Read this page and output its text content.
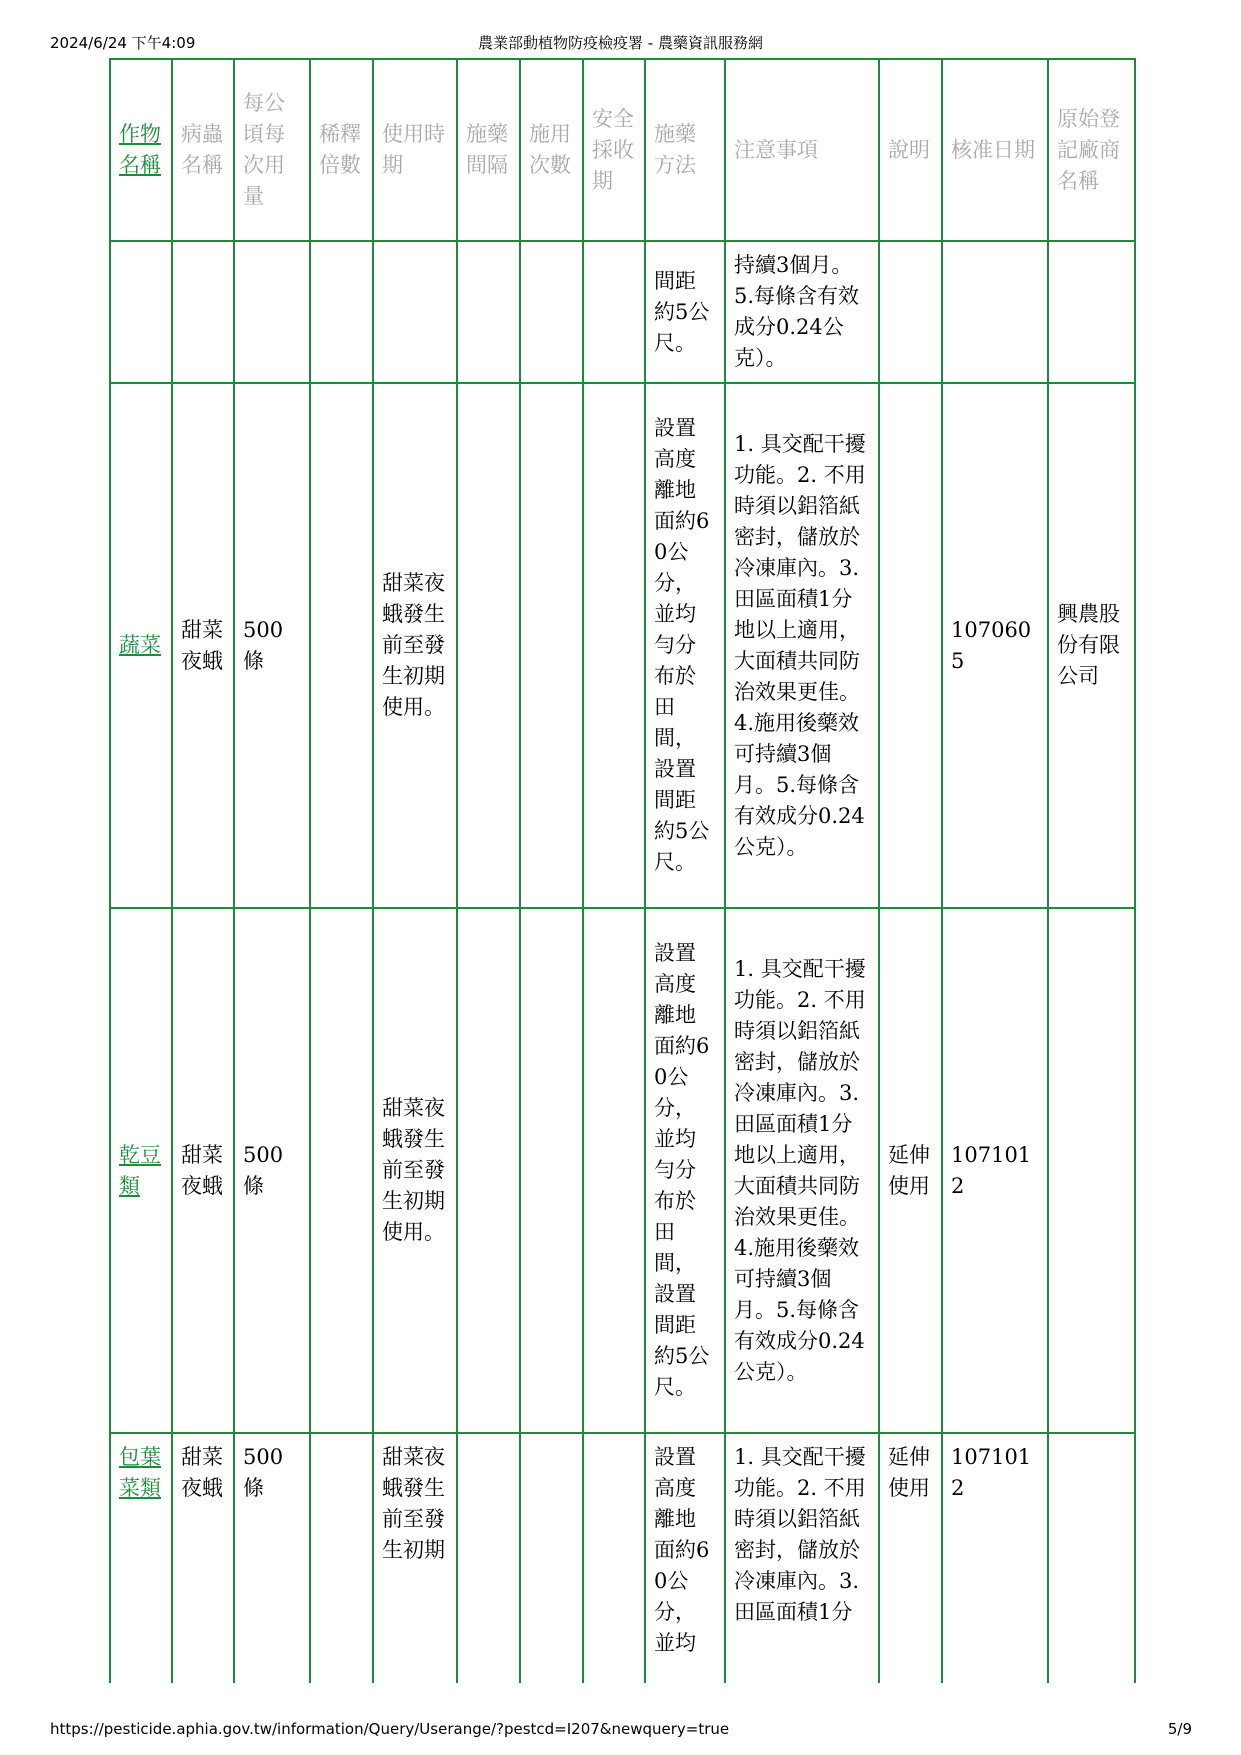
2024/6/24 下午4:09	農業部動植物防疫檢疫署 - 農藥資訊服務網
作物名稱	病蟲名稱	每公頃每次用量	稀釋倍數	使用時期	施藥間隔	施用次數	安全採收期	施藥方法	注意事項	說明	核准日期	原始登記廠商名稱
								間距約5公尺。	持續3個月。5.每條含有效成分0.24公克）。			
蔬菜	甜菜夜蛾	500條		甜菜夜蛾發生前至發生初期使用。				設置高度離地面約60公分，並均勻分布於田間，設置間距約5公尺。	1. 具交配干擾功能。2. 不用時須以鋁箔紙密封，儲放於冷凍庫內。3. 田區面積1分地以上適用，大面積共同防治效果更佳。4.施用後藥效可持續3個月。5.每條含有效成分0.24公克）。		1070605	興農股份有限公司
乾豆類	甜菜夜蛾	500條		甜菜夜蛾發生前至發生初期使用。				設置高度離地面約60公分，並均勻分布於田間，設置間距約5公尺。	1. 具交配干擾功能。2. 不用時須以鋁箔紙密封，儲放於冷凍庫內。3. 田區面積1分地以上適用，大面積共同防治效果更佳。4.施用後藥效可持續3個月。5.每條含有效成分0.24公克）。	延伸使用	1071012	
包葉菜類	甜菜夜蛾	500條		甜菜夜蛾發生前至發生初期				設置高度離地面約60公分，並均	1. 具交配干擾功能。2. 不用時須以鋁箔紙密封，儲放於冷凍庫內。3. 田區面積1分	延伸使用	1071012	
https://pesticide.aphia.gov.tw/information/Query/Userange/?pestcd=I207&newquery=true	5/9
